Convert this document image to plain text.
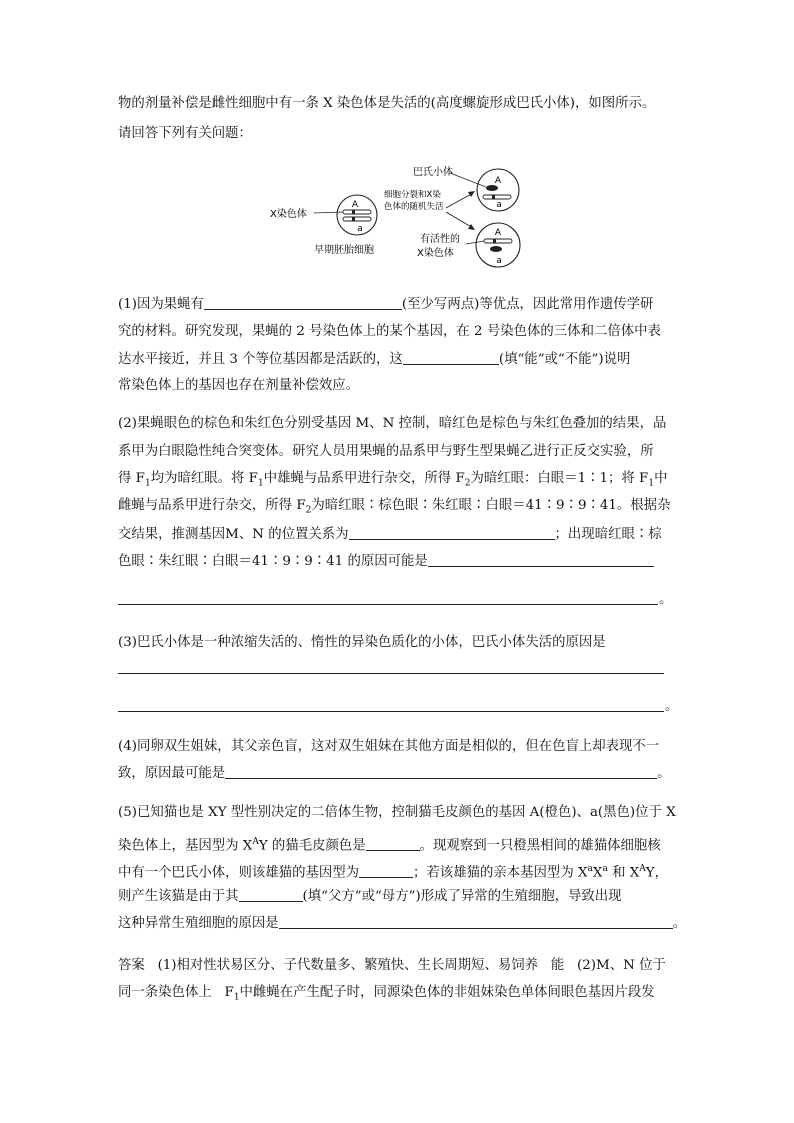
物的剂量补偿是雌性细胞中有一条 X 染色体是失活的(高度螺旋形成巴氏小体)，如图所示。
请回答下列有关问题：
A
a
X染色体
早期胚胎细胞
细胞分裂和X染
色体的随机失活
A
a
巴氏小体
A
a
有活性的
X染色体
(1)因为果蝇有	(至少写两点)等优点，因此常用作遗传学研
究的材料。研究发现，果蝇的 2 号染色体上的某个基因，在 2 号染色体的三体和二倍体中表
达水平接近，并且 3 个等位基因都是活跃的，这	(填“能”或“不能”)说明
常染色体上的基因也存在剂量补偿效应。
(2)果蝇眼色的棕色和朱红色分别受基因 M、N 控制，暗红色是棕色与朱红色叠加的结果，品
系甲为白眼隐性纯合突变体。研究人员用果蝇的品系甲与野生型果蝇乙进行正反交实验，所
得 $F_1$均为暗红眼。将 $F_1$中雄蝇与品系甲进行杂交，所得 $F_2$为暗红眼：白眼＝1∶1；将 $F_1$中
雌蝇与品系甲进行杂交，所得 $F_2$为暗红眼∶棕色眼∶朱红眼∶白眼＝41∶9∶9∶41。根据杂
交结果，推测基因M、N 的位置关系为	；出现暗红眼∶棕
色眼∶朱红眼∶白眼＝41∶9∶9∶41 的原因可能是
。
(3)巴氏小体是一种浓缩失活的、惰性的异染色质化的小体，巴氏小体失活的原因是
。
(4)同卵双生姐妹，其父亲色盲，这对双生姐妹在其他方面是相似的，但在色盲上却表现不一
致，原因最可能是	。
(5)已知猫也是 XY 型性别决定的二倍体生物，控制猫毛皮颜色的基因 A(橙色)、a(黑色)位于 X
染色体上，基因型为 $X^AY$ 的猫毛皮颜色是	。现观察到一只橙黑相间的雄猫体细胞核
中有一个巴氏小体，则该雄猫的基因型为	；若该雄猫的亲本基因型为 $X^aX^a$ 和 $X^AY$，
则产生该猫是由于其	(填“父方”或“母方”)形成了异常的生殖细胞，导致出现
这种异常生殖细胞的原因是	。
答案 (1)相对性状易区分、子代数量多、繁殖快、生长周期短、易饲养 能 (2)M、N 位于
同一条染色体上 $F_1$中雌蝇在产生配子时，同源染色体的非姐妹染色单体间眼色基因片段发
